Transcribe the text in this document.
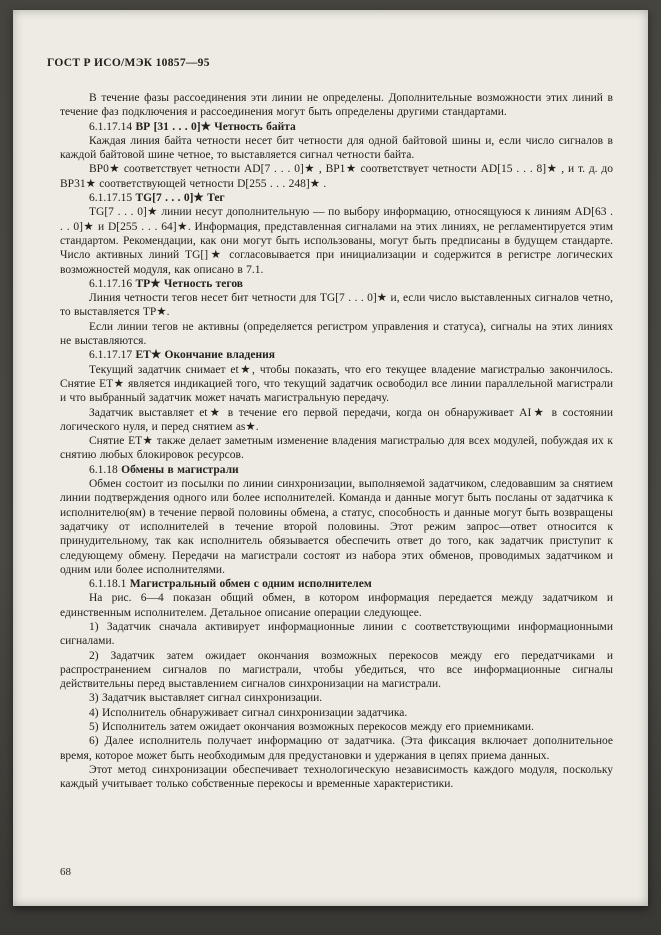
ГОСТ Р ИСО/МЭК 10857—95

В течение фазы рассоединения эти линии не определены. Дополнительные возможности этих линий в течение фаз подключения и рассоединения могут быть определены другими стандартами.

6.1.17.14 ВР [31 . . . 0]★ Четность байта

Каждая линия байта четности несет бит четности для одной байтовой шины и, если число сигналов в каждой байтовой шине четное, то выставляется сигнал четности байта.

ВР0★ соответствует четности AD[7 . . . 0]★ , ВР1★ соответствует четности AD[15 . . . 8]★ , и т. д. до ВР31★ соответствующей четности D[255 . . . 248]★ .

6.1.17.15 TG[7 . . . 0]★ Тег

TG[7 . . . 0]★ линии несут дополнительную — по выбору информацию, относящуюся к линиям AD[63 . . . 0]★ и D[255 . . . 64]★. Информация, представленная сигналами на этих линиях, не регламентируется этим стандартом. Рекомендации, как они могут быть использованы, могут быть предписаны в будущем стандарте. Число активных линий TG[]★ согласовывается при инициализации и содержится в регистре логических возможностей модуля, как описано в 7.1.

6.1.17.16 ТР★ Четность тегов

Линия четности тегов несет бит четности для TG[7 . . . 0]★ и, если число выставленных сигналов четно, то выставляется ТР★.

Если линии тегов не активны (определяется регистром управления и статуса), сигналы на этих линиях не выставляются.

6.1.17.17 ЕТ★ Окончание владения

Текущий задатчик снимает et★, чтобы показать, что его текущее владение магистралью закончилось. Снятие ЕТ★ является индикацией того, что текущий задатчик освободил все линии параллельной магистрали и что выбранный задатчик может начать магистральную передачу.

Задатчик выставляет et★ в течение его первой передачи, когда он обнаруживает AI★ в состоянии логического нуля, и перед снятием as★.

Снятие ЕТ★ также делает заметным изменение владения магистралью для всех модулей, побуждая их к снятию любых блокировок ресурсов.

6.1.18 Обмены в магистрали

Обмен состоит из посылки по линии синхронизации, выполняемой задатчиком, следовавшим за снятием линии подтверждения одного или более исполнителей. Команда и данные могут быть посланы от задатчика к исполнителю(ям) в течение первой половины обмена, а статус, способность и данные могут быть возвращены задатчику от исполнителей в течение второй половины. Этот режим запрос—ответ относится к принудительному, так как исполнитель обязывается обеспечить ответ до того, как задатчик приступит к следующему обмену. Передачи на магистрали состоят из набора этих обменов, проводимых задатчиком и одним или более исполнителями.

6.1.18.1 Магистральный обмен с одним исполнителем

На рис. 6—4 показан общий обмен, в котором информация передается между задатчиком и единственным исполнителем. Детальное описание операции следующее.

1) Задатчик сначала активирует информационные линии с соответствующими информационными сигналами.

2) Задатчик затем ожидает окончания возможных перекосов между его передатчиками и распространением сигналов по магистрали, чтобы убедиться, что все информационные сигналы действительны перед выставлением сигналов синхронизации на магистрали.

3) Задатчик выставляет сигнал синхронизации.

4) Исполнитель обнаруживает сигнал синхронизации задатчика.

5) Исполнитель затем ожидает окончания возможных перекосов между его приемниками.

6) Далее исполнитель получает информацию от задатчика. (Эта фиксация включает дополнительное время, которое может быть необходимым для предустановки и удержания в цепях приема данных.

Этот метод синхронизации обеспечивает технологическую независимость каждого модуля, поскольку каждый учитывает только собственные перекосы и временные характеристики.

68
